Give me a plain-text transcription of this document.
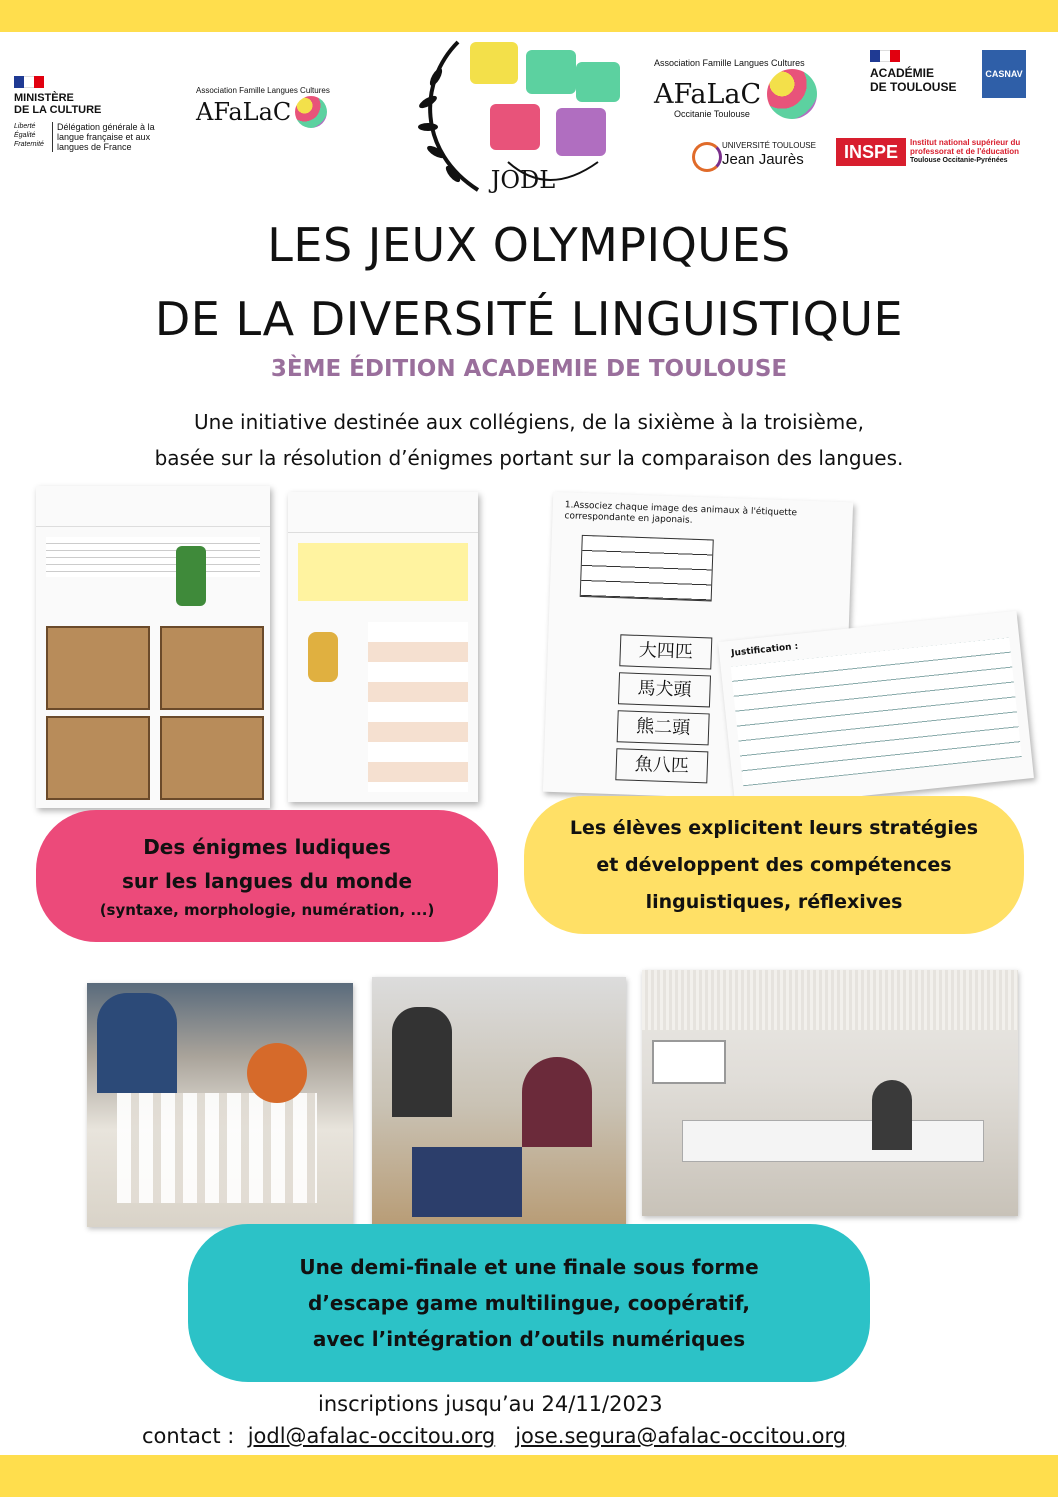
MINISTÈRE
DE LA CULTURE
Liberté Égalité Fraternité
Délégation générale à la langue française et aux langues de France
Association Famille Langues Cultures
AFaLaC
JODL
Association Famille Langues Cultures
AFaLaC
Occitanie Toulouse
ACADÉMIE
DE TOULOUSE
CASNAV
UNIVERSITÉ TOULOUSE
Jean Jaurès	INSPE	Institut national supérieur du professorat et de l'éducation
Toulouse Occitanie-Pyrénées
LES JEUX OLYMPIQUES
DE LA DIVERSITÉ LINGUISTIQUE
3ÈME ÉDITION ACADEMIE DE TOULOUSE
Une initiative destinée aux collégiens, de la sixième à la troisième,
basée sur la résolution d’énigmes portant sur la comparaison des langues.
1.Associez chaque image des animaux à l'étiquette correspondante en japonais.
大四匹
馬犬頭
熊二頭
魚八匹
Justification :
Des énigmes ludiques
sur les langues du monde
(syntaxe, morphologie, numération, ...)
Les élèves explicitent leurs stratégies
et développent des compétences
linguistiques, réflexives
Une demi-finale et une finale sous forme
d’escape game multilingue, coopératif,
avec l’intégration d’outils numériques
inscriptions jusqu’au 24/11/2023
contact : jodl@afalac-occitou.org jose.segura@afalac-occitou.org
